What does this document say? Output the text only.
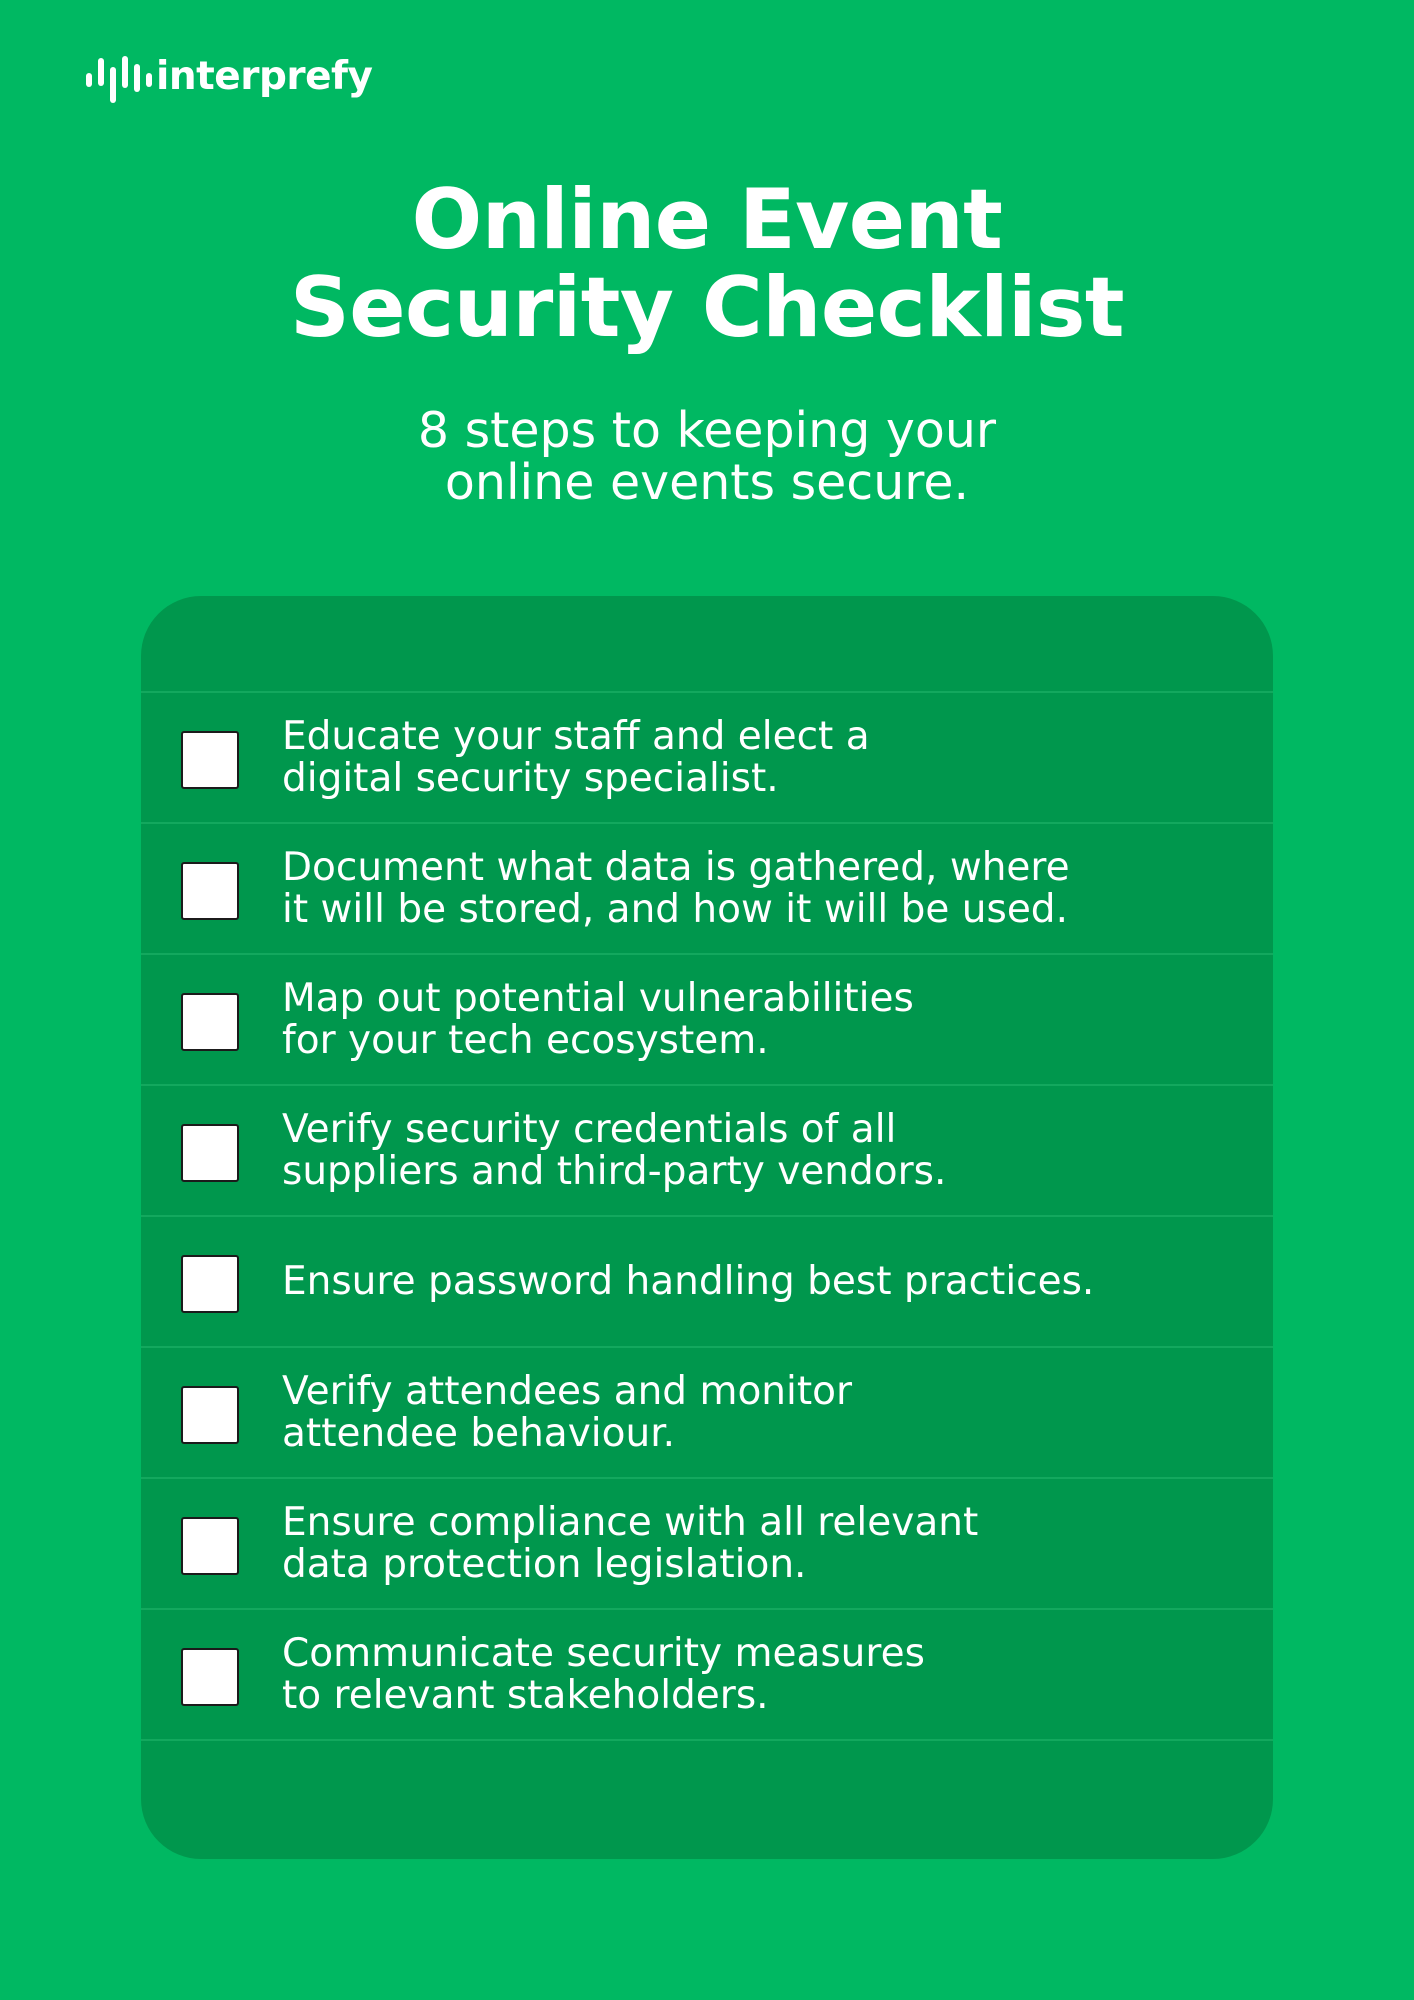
interprefy
Online Event
Security Checklist
8 steps to keeping your
online events secure.
Educate your staff and elect a
digital security specialist.
Document what data is gathered, where
it will be stored, and how it will be used.
Map out potential vulnerabilities
for your tech ecosystem.
Verify security credentials of all
suppliers and third-party vendors.
Ensure password handling best practices.
Verify attendees and monitor
attendee behaviour.
Ensure compliance with all relevant
data protection legislation.
Communicate security measures
to relevant stakeholders.
